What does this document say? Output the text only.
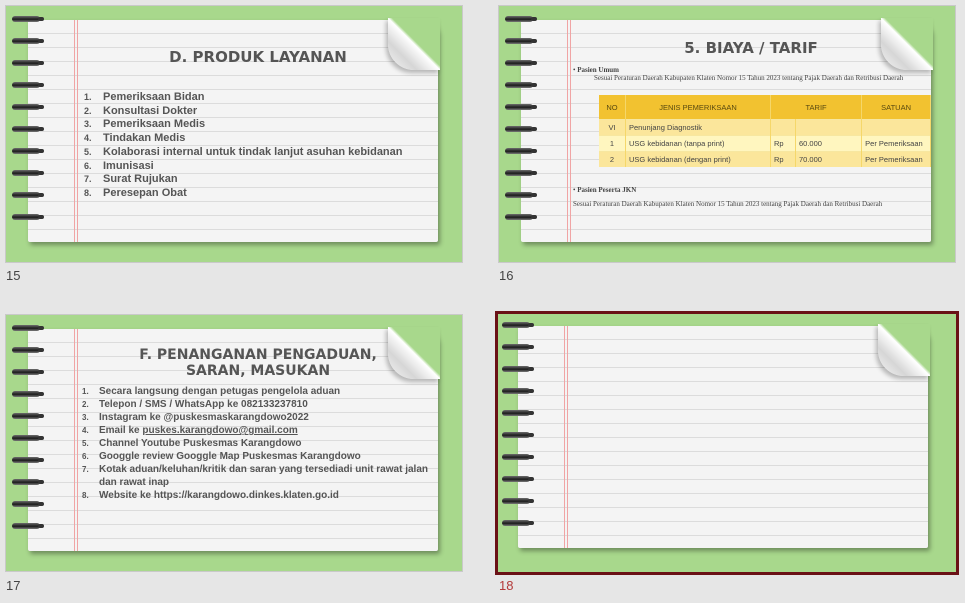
D. PRODUK LAYANAN
1.	Pemeriksaan Bidan
2.	Konsultasi Dokter
3.	Pemeriksaan Medis
4.	Tindakan Medis
5.	Kolaborasi internal untuk tindak lanjut asuhan kebidanan
6.	Imunisasi
7.	Surat Rujukan
8.	Peresepan Obat
15
5. BIAYA / TARIF
• Pasien Umum
Sesuai Peraturan Daerah Kabupaten Klaten Nomor 15 Tahun 2023 tentang Pajak Daerah dan Retribusi Daerah
NO	JENIS PEMERIKSAAN	TARIF		SATUAN
VI	Penunjang Diagnostik			
1	USG kebidanan (tanpa print)	Rp	60.000	Per Pemeriksaan
2	USG kebidanan (dengan print)	Rp	70.000	Per Pemeriksaan
• Pasien Peserta JKN
Sesuai Peraturan Daerah Kabupaten Klaten Nomor 15 Tahun 2023 tentang Pajak Daerah dan Retribusi Daerah
16
F. PENANGANAN PENGADUAN,
SARAN, MASUKAN
1.	Secara langsung dengan petugas pengelola aduan
2.	Telepon / SMS / WhatsApp ke 082133237810
3.	Instagram ke @puskesmaskarangdowo2022
4.	Email ke puskes.karangdowo@gmail.com
5.	Channel Youtube Puskesmas Karangdowo
6.	Googgle review Googgle Map Puskesmas Karangdowo
7.	Kotak aduan/keluhan/kritik dan saran yang tersediadi unit rawat jalan dan rawat inap
8.	Website ke https://karangdowo.dinkes.klaten.go.id
17	18
